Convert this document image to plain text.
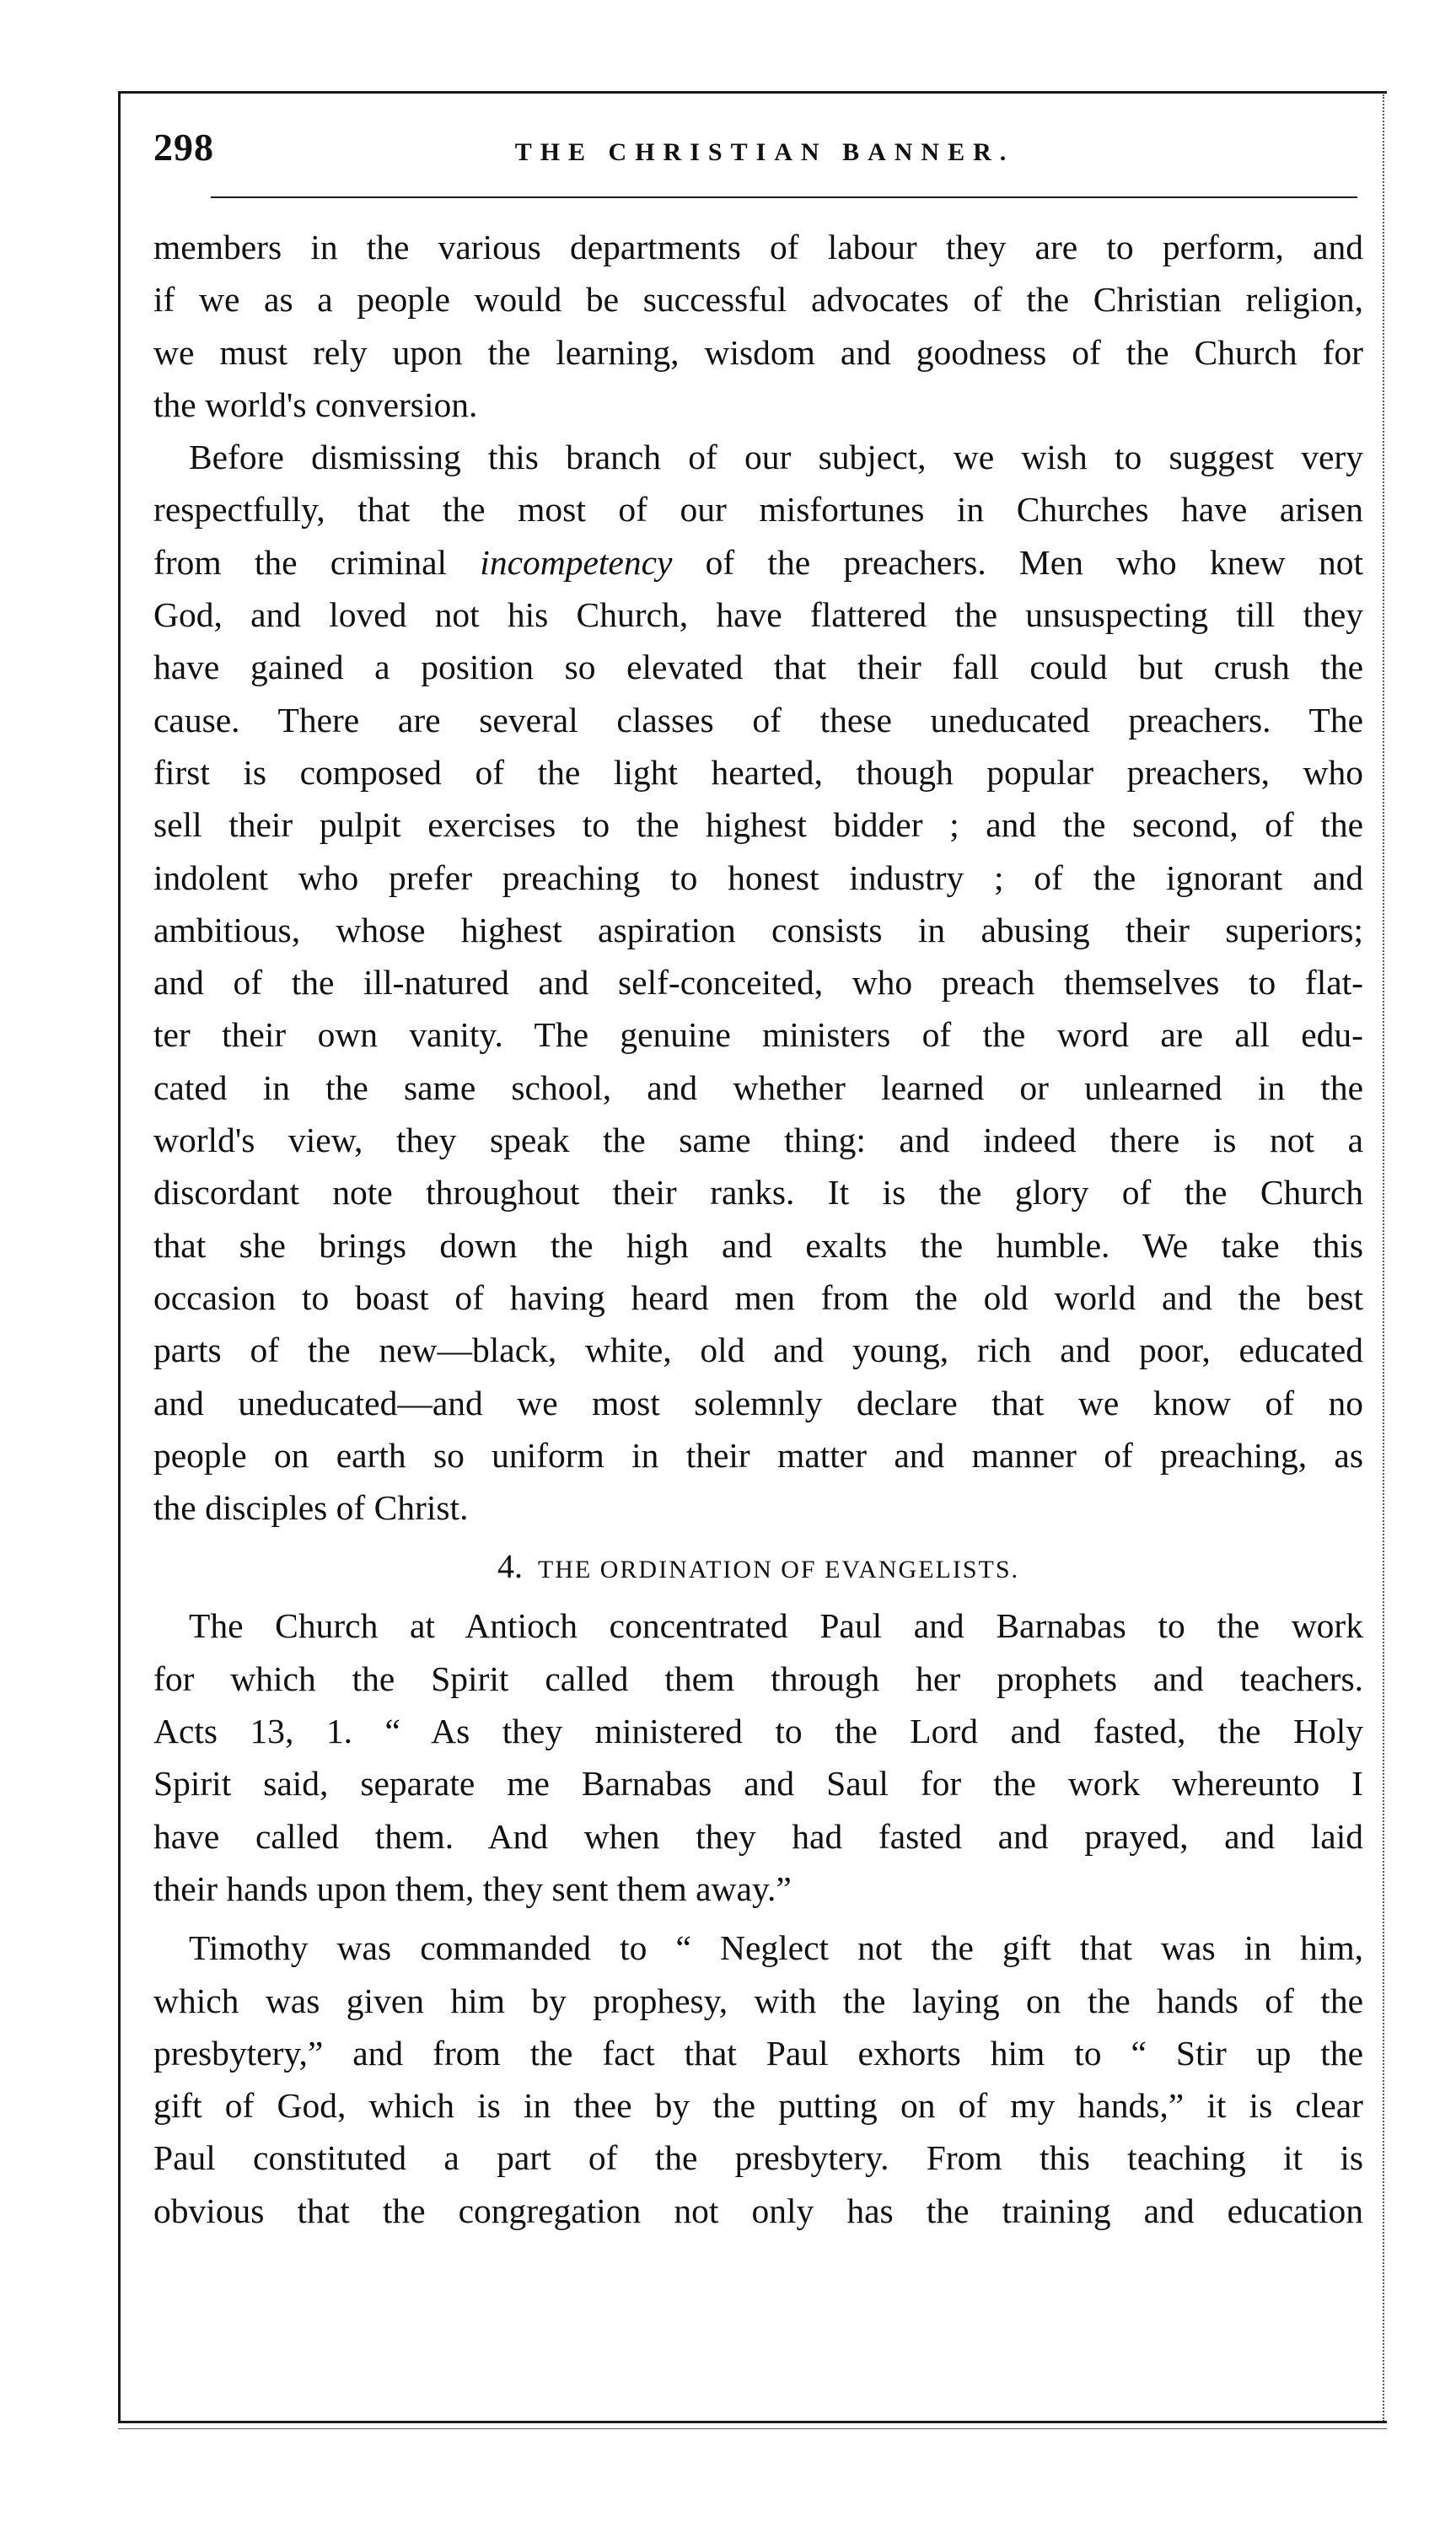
298	THE CHRISTIAN BANNER.
members in the various departments of labour they are to perform, and
if we as a people would be successful advocates of the Christian religion,
we must rely upon the learning, wisdom and goodness of the Church for
the world's conversion.
Before dismissing this branch of our subject, we wish to suggest very
respectfully, that the most of our misfortunes in Churches have arisen
from the criminal incompetency of the preachers. Men who knew not
God, and loved not his Church, have flattered the unsuspecting till they
have gained a position so elevated that their fall could but crush the
cause. There are several classes of these uneducated preachers. The
first is composed of the light hearted, though popular preachers, who
sell their pulpit exercises to the highest bidder ; and the second, of the
indolent who prefer preaching to honest industry ; of the ignorant and
ambitious, whose highest aspiration consists in abusing their superiors;
and of the ill-natured and self-conceited, who preach themselves to flat-
ter their own vanity. The genuine ministers of the word are all edu-
cated in the same school, and whether learned or unlearned in the
world's view, they speak the same thing: and indeed there is not a
discordant note throughout their ranks. It is the glory of the Church
that she brings down the high and exalts the humble. We take this
occasion to boast of having heard men from the old world and the best
parts of the new—black, white, old and young, rich and poor, educated
and uneducated—and we most solemnly declare that we know of no
people on earth so uniform in their matter and manner of preaching, as
the disciples of Christ.
4. THE ORDINATION OF EVANGELISTS.
The Church at Antioch concentrated Paul and Barnabas to the work
for which the Spirit called them through her prophets and teachers.
Acts 13, 1. “ As they ministered to the Lord and fasted, the Holy
Spirit said, separate me Barnabas and Saul for the work whereunto I
have called them. And when they had fasted and prayed, and laid
their hands upon them, they sent them away.”
Timothy was commanded to “ Neglect not the gift that was in him,
which was given him by prophesy, with the laying on the hands of the
presbytery,” and from the fact that Paul exhorts him to “ Stir up the
gift of God, which is in thee by the putting on of my hands,” it is clear
Paul constituted a part of the presbytery. From this teaching it is
obvious that the congregation not only has the training and education
